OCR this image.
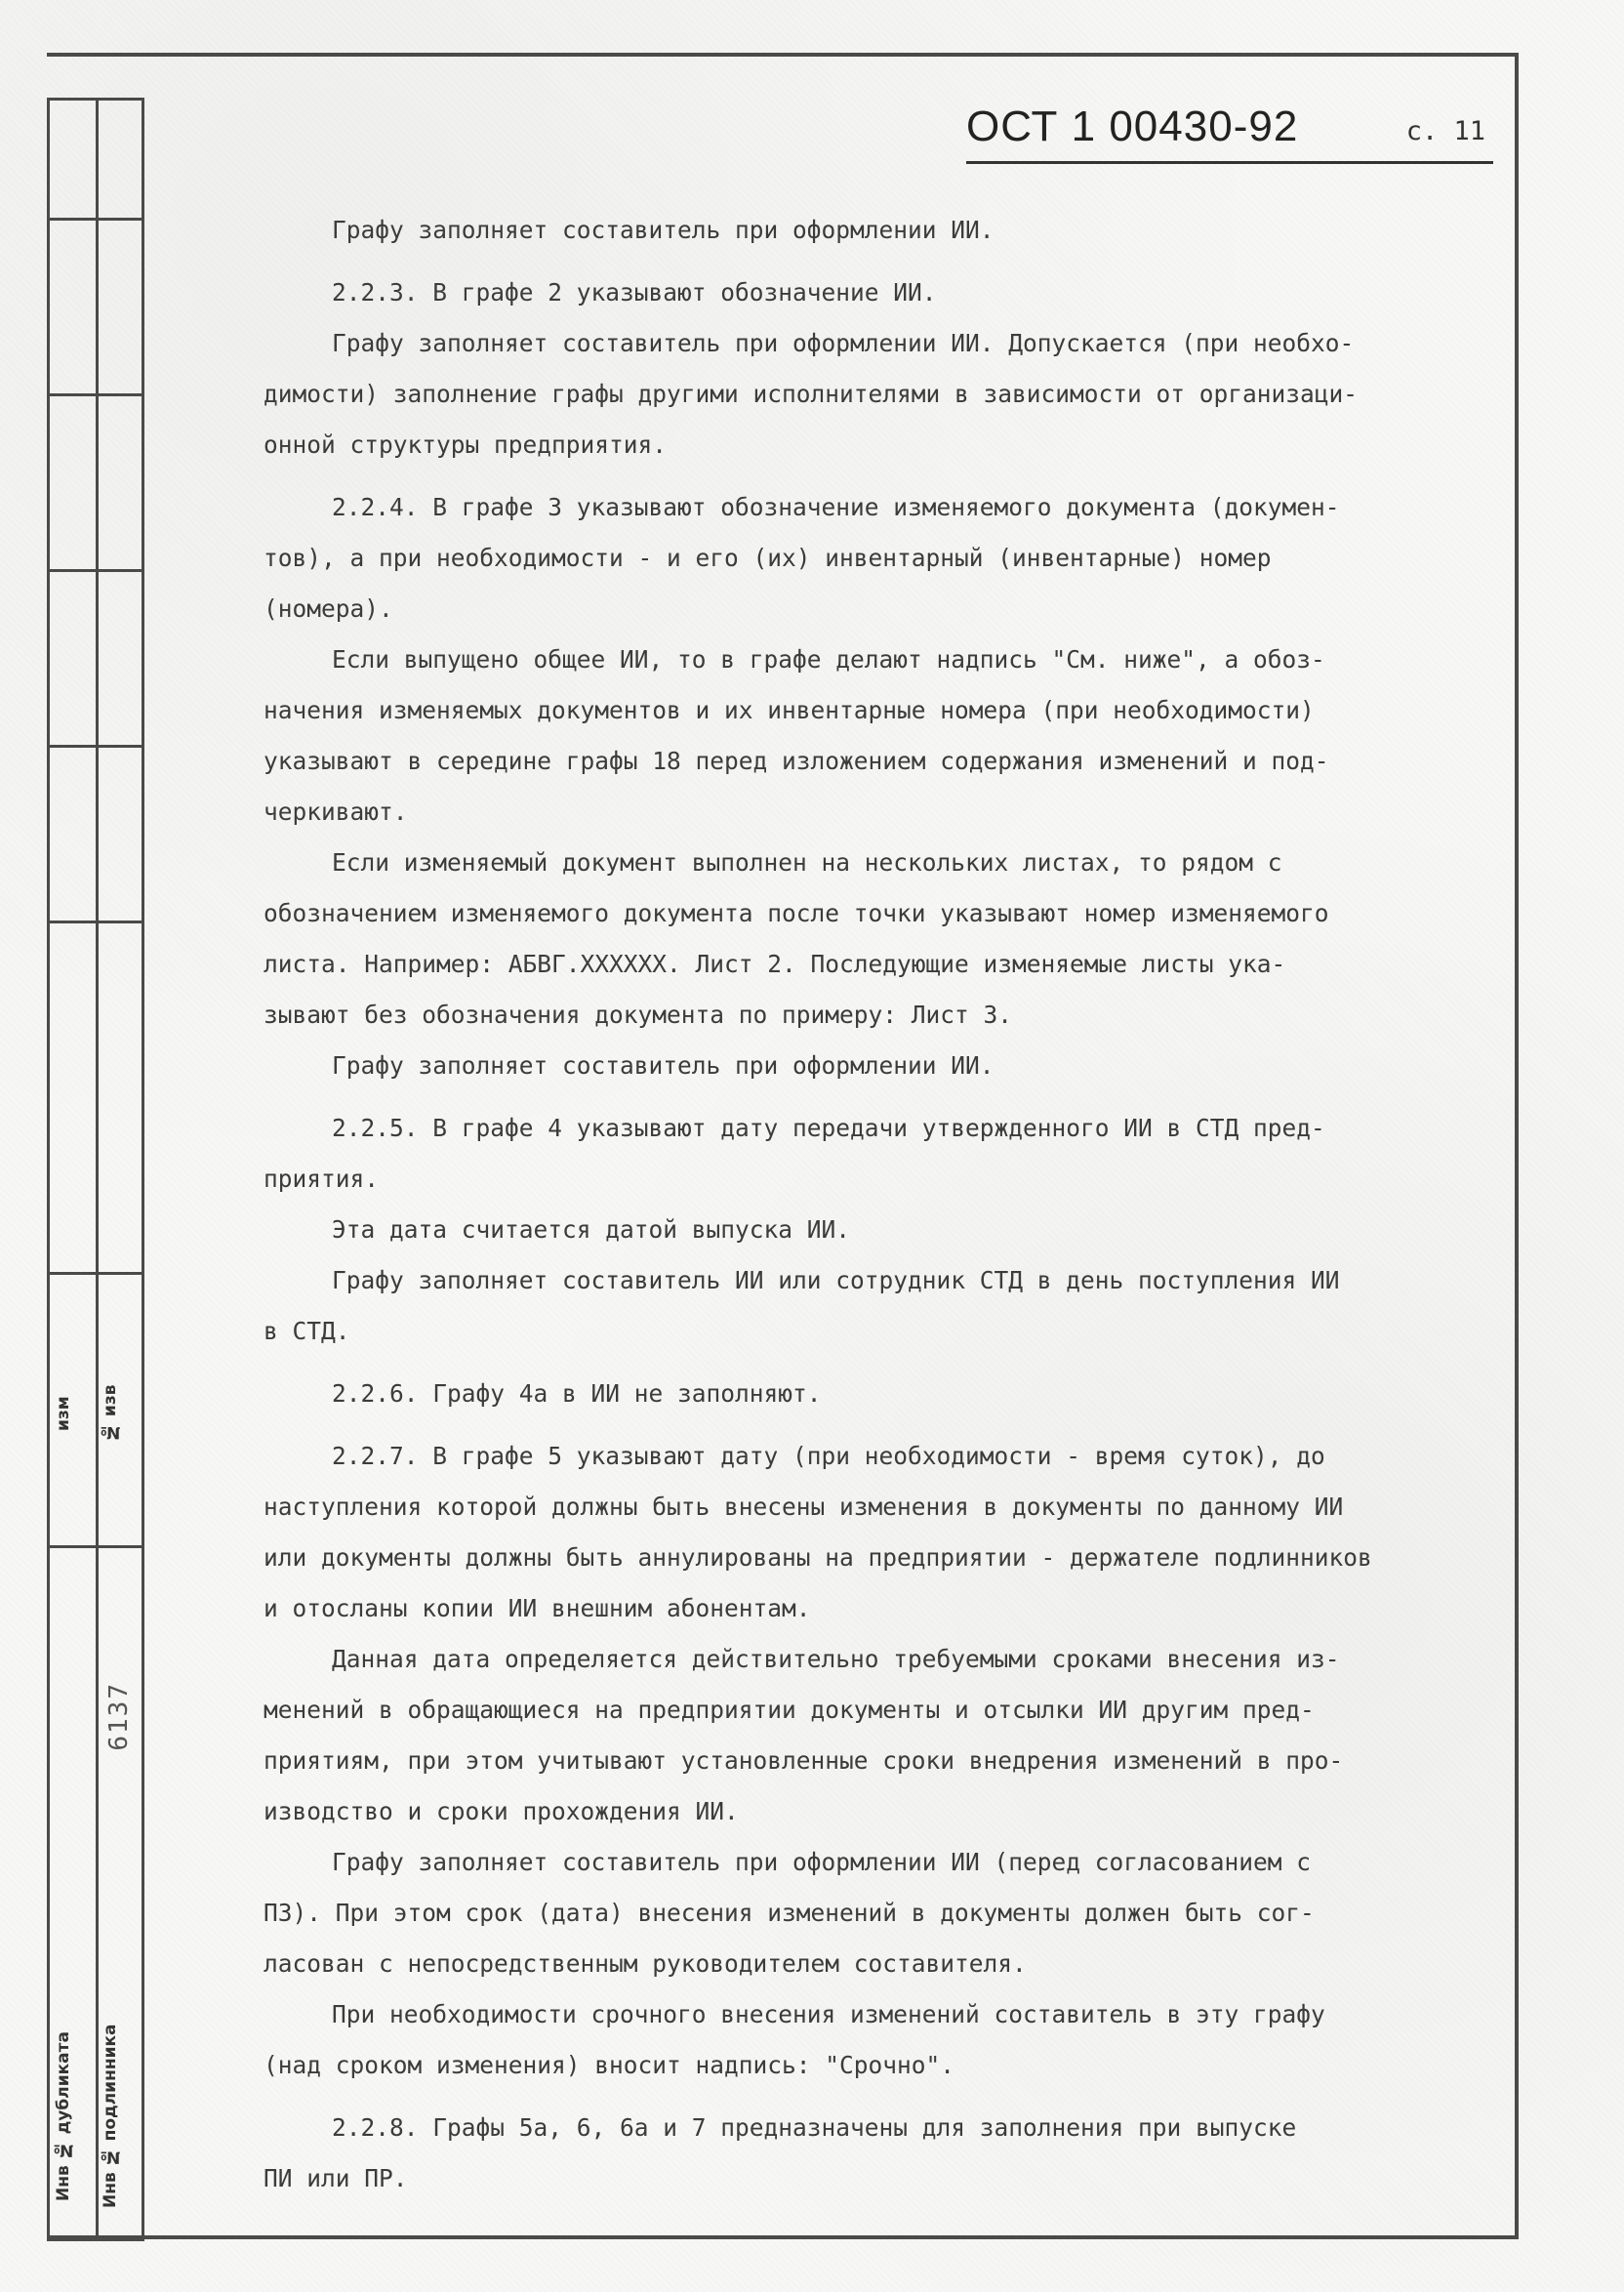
изм	№ изв
6137
Инв № дубликата	Инв № подлинника
ОСТ 1 00430-92	с. 11

Графу заполняет составитель при оформлении ИИ.

2.2.3. В графе 2 указывают обозначение ИИ.

Графу заполняет составитель при оформлении ИИ. Допускается (при необхо-
димости) заполнение графы другими исполнителями в зависимости от организаци-
онной структуры предприятия.

2.2.4. В графе 3 указывают обозначение изменяемого документа (докумен-
тов), а при необходимости - и его (их) инвентарный (инвентарные) номер
(номера).

Если выпущено общее ИИ, то в графе делают надпись "См. ниже", а обоз-
начения изменяемых документов и их инвентарные номера (при необходимости)
указывают в середине графы 18 перед изложением содержания изменений и под-
черкивают.

Если изменяемый документ выполнен на нескольких листах, то рядом с
обозначением изменяемого документа после точки указывают номер изменяемого
листа. Например: АБВГ.ХХХХХХ. Лист 2. Последующие изменяемые листы ука-
зывают без обозначения документа по примеру: Лист 3.

Графу заполняет составитель при оформлении ИИ.

2.2.5. В графе 4 указывают дату передачи утвержденного ИИ в СТД пред-
приятия.

Эта дата считается датой выпуска ИИ.

Графу заполняет составитель ИИ или сотрудник СТД в день поступления ИИ
в СТД.

2.2.6. Графу 4а в ИИ не заполняют.

2.2.7. В графе 5 указывают дату (при необходимости - время суток), до
наступления которой должны быть внесены изменения в документы по данному ИИ
или документы должны быть аннулированы на предприятии - держателе подлинников
и отосланы копии ИИ внешним абонентам.

Данная дата определяется действительно требуемыми сроками внесения из-
менений в обращающиеся на предприятии документы и отсылки ИИ другим пред-
приятиям, при этом учитывают установленные сроки внедрения изменений в про-
изводство и сроки прохождения ИИ.

Графу заполняет составитель при оформлении ИИ (перед согласованием с
ПЗ). При этом срок (дата) внесения изменений в документы должен быть сог-
ласован с непосредственным руководителем составителя.

При необходимости срочного внесения изменений составитель в эту графу
(над сроком изменения) вносит надпись: "Срочно".

2.2.8. Графы 5а, 6, 6а и 7 предназначены для заполнения при выпуске
ПИ или ПР.
